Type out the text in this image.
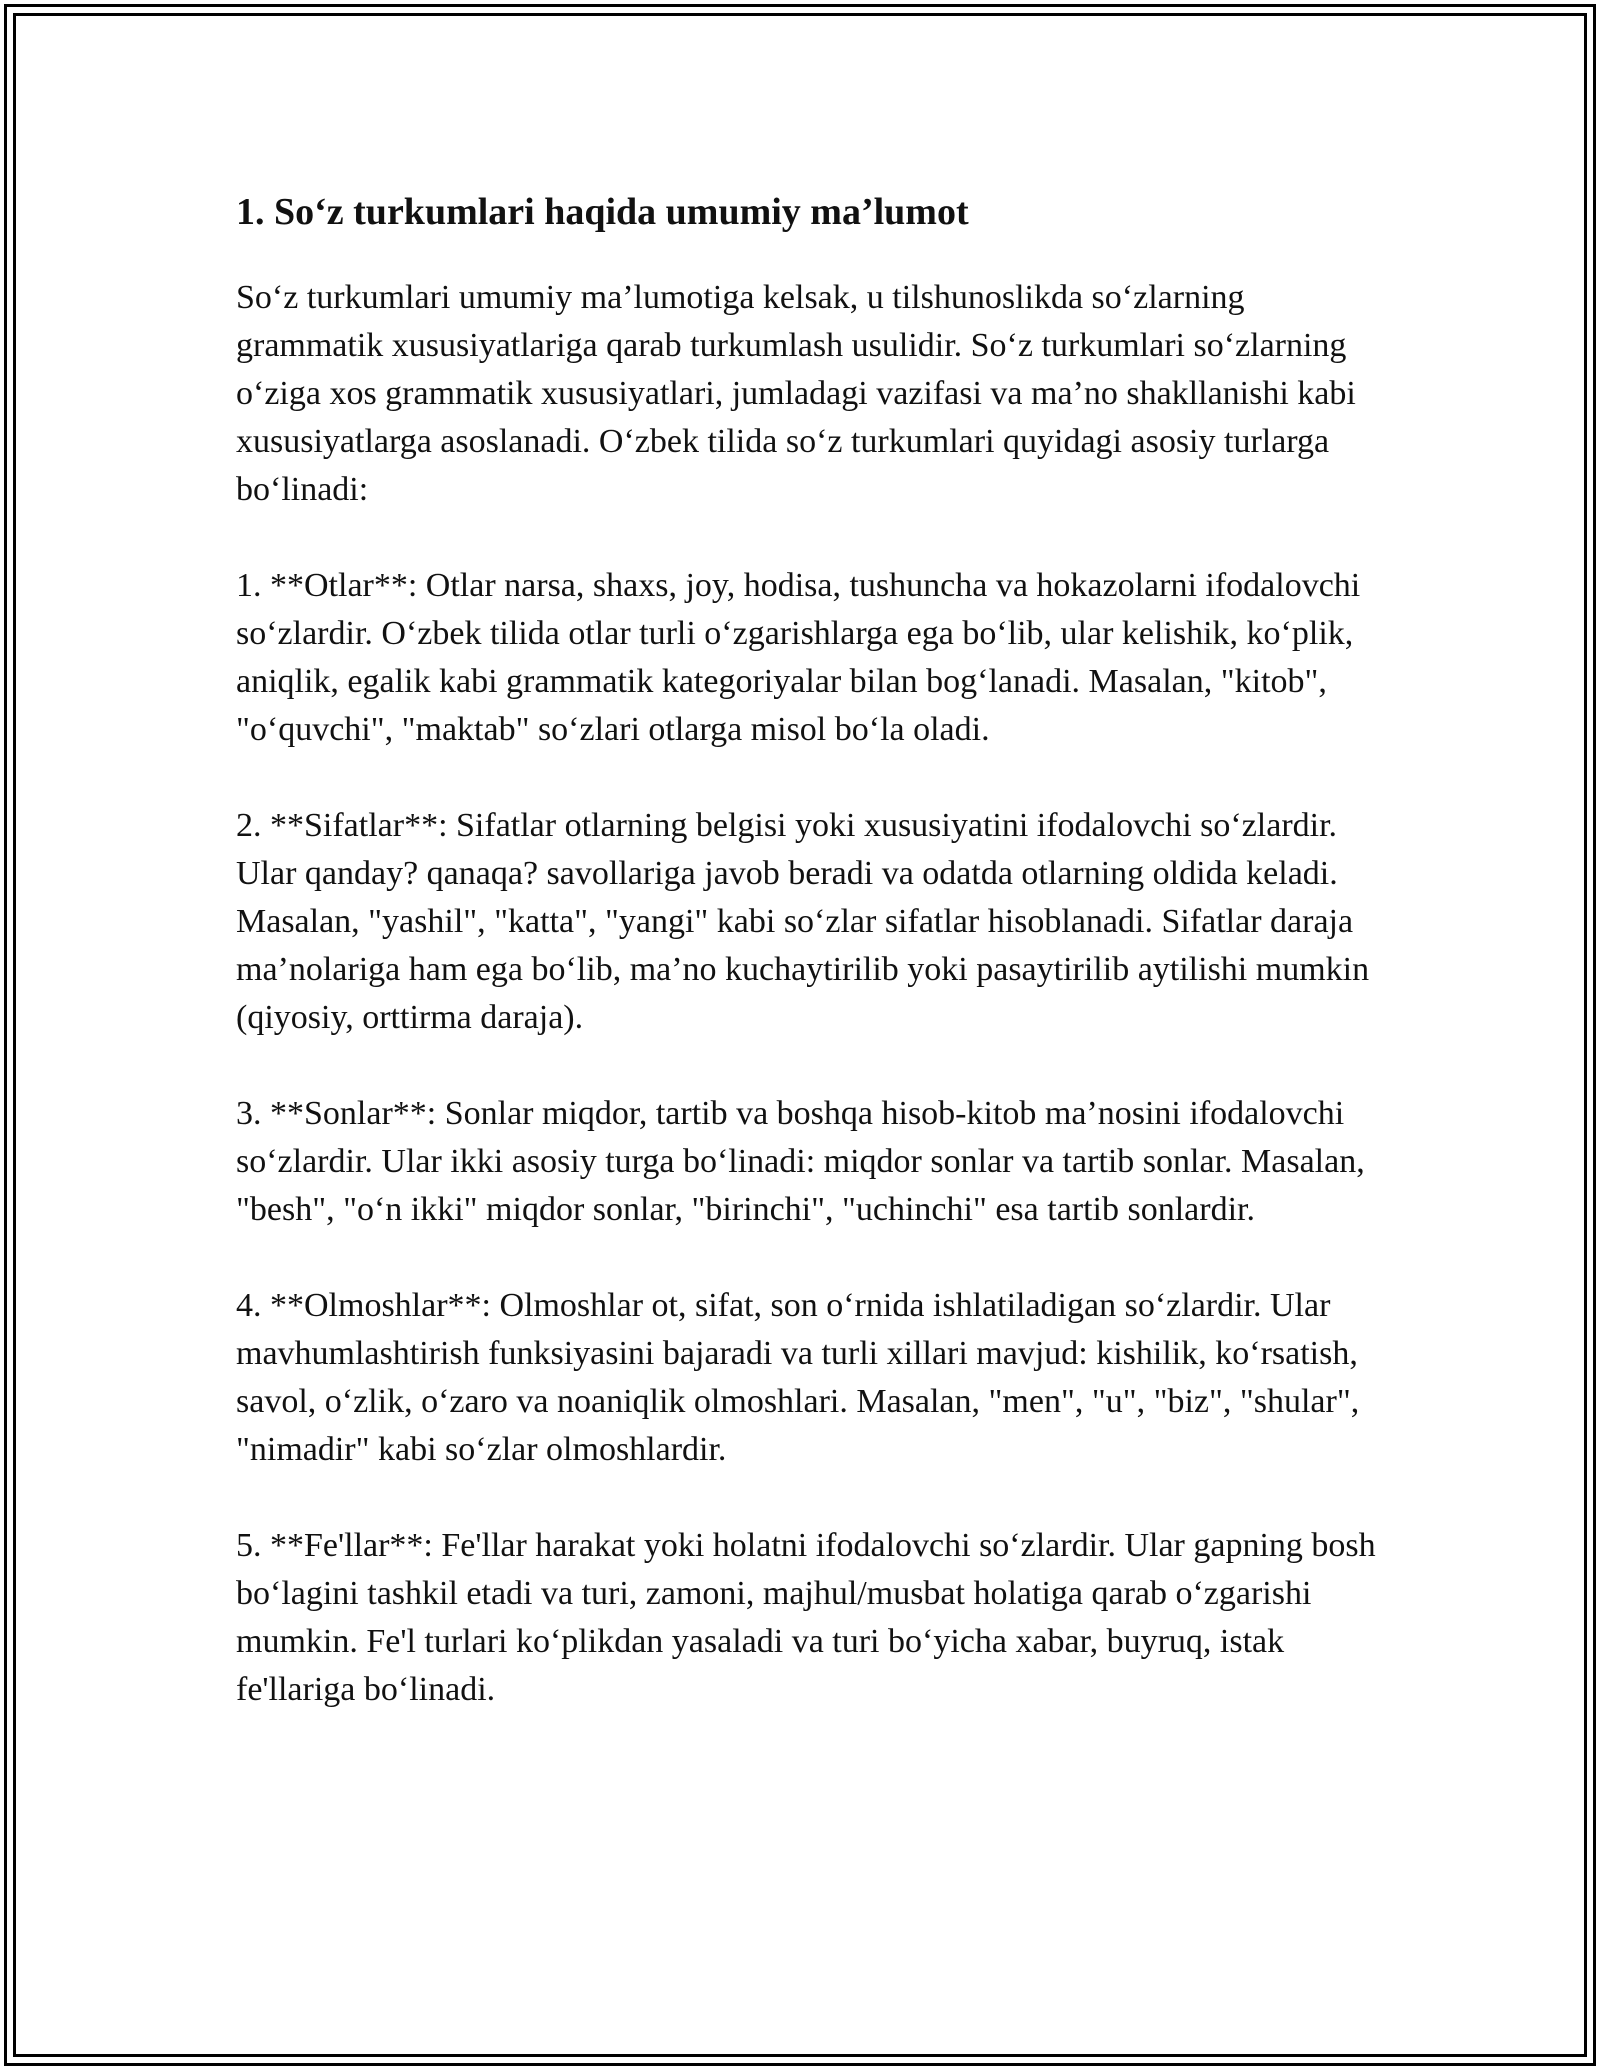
1. So‘z turkumlari haqida umumiy ma’lumot

So‘z turkumlari umumiy ma’lumotiga kelsak, u tilshunoslikda so‘zlarning grammatik xususiyatlariga qarab turkumlash usulidir. So‘z turkumlari so‘zlarning o‘ziga xos grammatik xususiyatlari, jumladagi vazifasi va ma’no shakllanishi kabi xususiyatlarga asoslanadi. O‘zbek tilida so‘z turkumlari quyidagi asosiy turlarga bo‘linadi:

1. **Otlar**: Otlar narsa, shaxs, joy, hodisa, tushuncha va hokazolarni ifodalovchi so‘zlardir. O‘zbek tilida otlar turli o‘zgarishlarga ega bo‘lib, ular kelishik, ko‘plik, aniqlik, egalik kabi grammatik kategoriyalar bilan bog‘lanadi. Masalan, "kitob", "o‘quvchi", "maktab" so‘zlari otlarga misol bo‘la oladi.

2. **Sifatlar**: Sifatlar otlarning belgisi yoki xususiyatini ifodalovchi so‘zlardir. Ular qanday? qanaqa? savollariga javob beradi va odatda otlarning oldida keladi. Masalan, "yashil", "katta", "yangi" kabi so‘zlar sifatlar hisoblanadi. Sifatlar daraja ma’nolariga ham ega bo‘lib, ma’no kuchaytirilib yoki pasaytirilib aytilishi mumkin (qiyosiy, orttirma daraja).

3. **Sonlar**: Sonlar miqdor, tartib va boshqa hisob-kitob ma’nosini ifodalovchi so‘zlardir. Ular ikki asosiy turga bo‘linadi: miqdor sonlar va tartib sonlar. Masalan, "besh", "o‘n ikki" miqdor sonlar, "birinchi", "uchinchi" esa tartib sonlardir.

4. **Olmoshlar**: Olmoshlar ot, sifat, son o‘rnida ishlatiladigan so‘zlardir. Ular mavhumlashtirish funksiyasini bajaradi va turli xillari mavjud: kishilik, ko‘rsatish, savol, o‘zlik, o‘zaro va noaniqlik olmoshlari. Masalan, "men", "u", "biz", "shular", "nimadir" kabi so‘zlar olmoshlardir.

5. **Fe'llar**: Fe'llar harakat yoki holatni ifodalovchi so‘zlardir. Ular gapning bosh bo‘lagini tashkil etadi va turi, zamoni, majhul/musbat holatiga qarab o‘zgarishi mumkin. Fe'l turlari ko‘plikdan yasaladi va turi bo‘yicha xabar, buyruq, istak fe'llariga bo‘linadi.
